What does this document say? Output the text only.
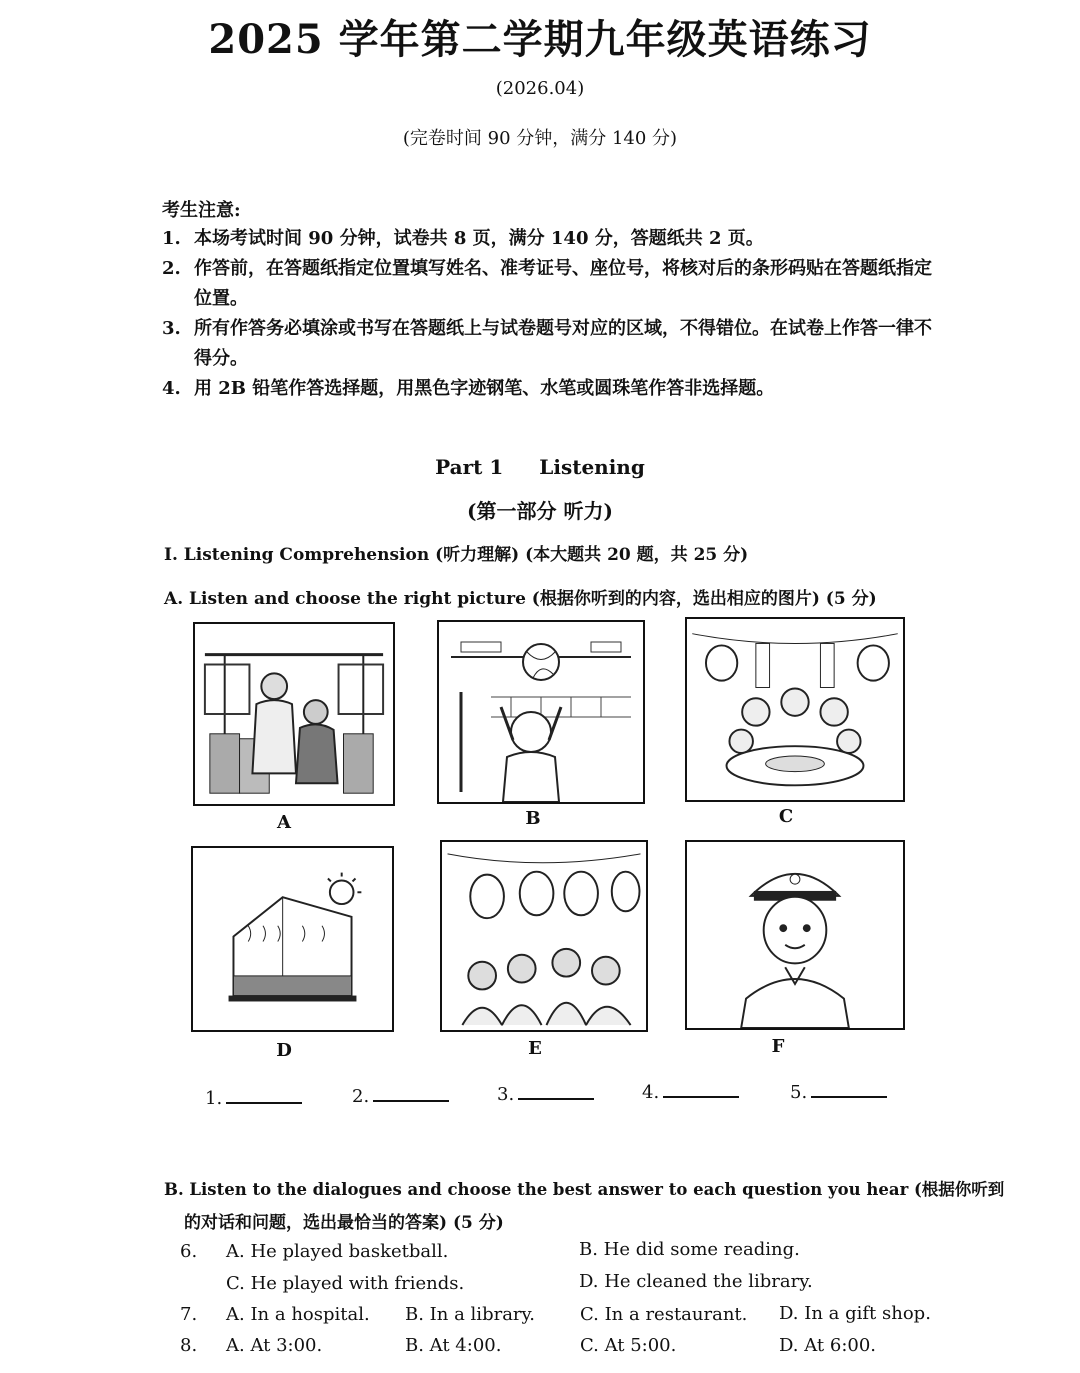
2025 学年第二学期九年级英语练习
(2026.04)
(完卷时间 90 分钟，满分 140 分)
考生注意:
1. 本场考试时间 90 分钟，试卷共 8 页，满分 140 分，答题纸共 2 页。
2. 作答前，在答题纸指定位置填写姓名、准考证号、座位号，将核对后的条形码贴在答题纸指定位置。
3. 所有作答务必填涂或书写在答题纸上与试卷题号对应的区域，不得错位。在试卷上作答一律不得分。
4. 用 2B 铅笔作答选择题，用黑色字迹钢笔、水笔或圆珠笔作答非选择题。
Part 1 Listening
(第一部分 听力)
I. Listening Comprehension (听力理解) (本大题共 20 题，共 25 分)
A. Listen and choose the right picture (根据你听到的内容，选出相应的图片) (5 分)
A	B	C
D	E	F
1.	2.	3.	4.	5.
B. Listen to the dialogues and choose the best answer to each question you hear (根据你听到
的对话和问题，选出最恰当的答案) (5 分)
6. A. He played basketball.	B. He did some reading.
C. He played with friends.	D. He cleaned the library.
7. A. In a hospital. B. In a library. C. In a restaurant. D. In a gift shop.
8. A. At 3:00.	B. At 4:00.	C. At 5:00.	D. At 6:00.
